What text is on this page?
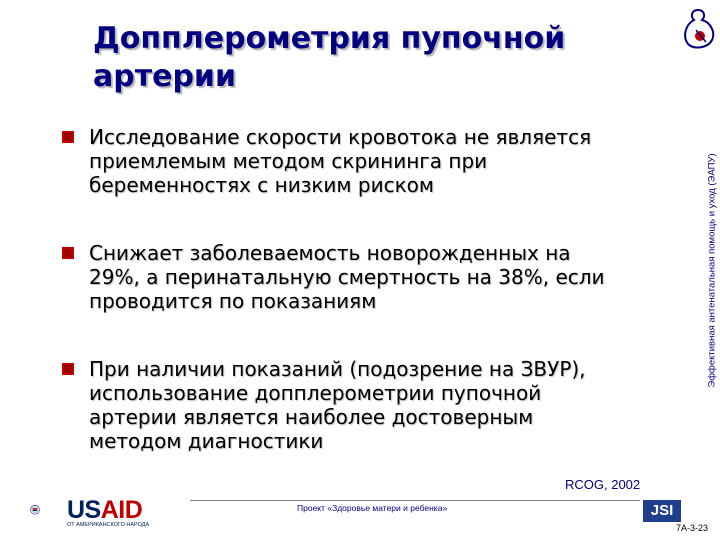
Допплерометрия пупочной
артерии
Эффективная антенатальная помощь и уход (ЭАПУ)
Исследование скорости кровотока не является приемлемым методом скрининга при беременностях с низким риском
Снижает заболеваемость новорожденных на 29%, а перинатальную смертность на 38%, если проводится по показаниям
При наличии показаний (подозрение на ЗВУР), использование допплерометрии пупочной артерии является наиболее достоверным методом диагностики
RCOG, 2002
USAID
ОТ АМЕРИКАНСКОГО НАРОДА
Проект «Здоровье матери и ребенка»	JSI
7A-3-23
